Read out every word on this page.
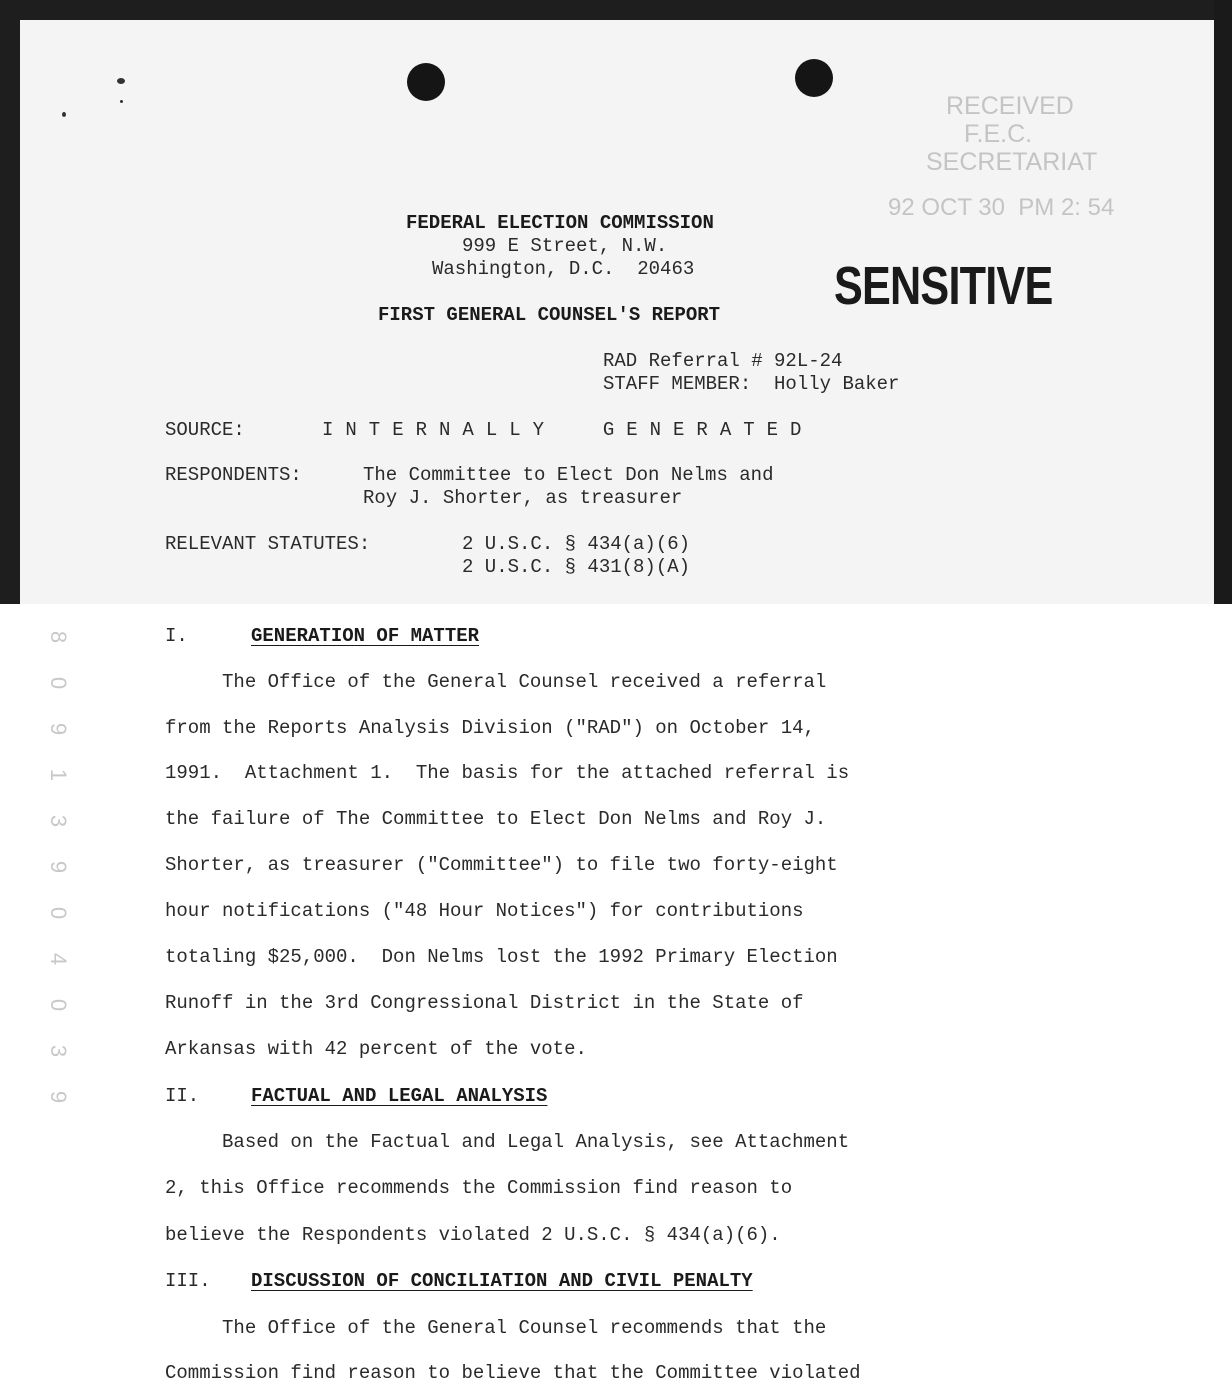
RECEIVED
F.E.C.
SECRETARIAT
92 OCT 30  PM 2: 54
FEDERAL ELECTION COMMISSION
999 E Street, N.W.
Washington, D.C.  20463	SENSITIVE
FIRST GENERAL COUNSEL'S REPORT
RAD Referral # 92L-24
STAFF MEMBER:  Holly Baker
SOURCE:	INTERNALLY  GENERATED
RESPONDENTS:	The Committee to Elect Don Nelms and
Roy J. Shorter, as treasurer
RELEVANT STATUTES:	2 U.S.C. § 434(a)(6)
2 U.S.C. § 431(8)(A)
8
0
9
1
3
9
0
4
0
3
9
I.	GENERATION OF MATTER
The Office of the General Counsel received a referral
from the Reports Analysis Division ("RAD") on October 14,
1991.  Attachment 1.  The basis for the attached referral is
the failure of The Committee to Elect Don Nelms and Roy J.
Shorter, as treasurer ("Committee") to file two forty-eight
hour notifications ("48 Hour Notices") for contributions
totaling $25,000.  Don Nelms lost the 1992 Primary Election
Runoff in the 3rd Congressional District in the State of
Arkansas with 42 percent of the vote.
II.	FACTUAL AND LEGAL ANALYSIS
Based on the Factual and Legal Analysis, see Attachment
2, this Office recommends the Commission find reason to
believe the Respondents violated 2 U.S.C. § 434(a)(6).
III. DISCUSSION OF CONCILIATION AND CIVIL PENALTY
The Office of the General Counsel recommends that the
Commission find reason to believe that the Committee violated
